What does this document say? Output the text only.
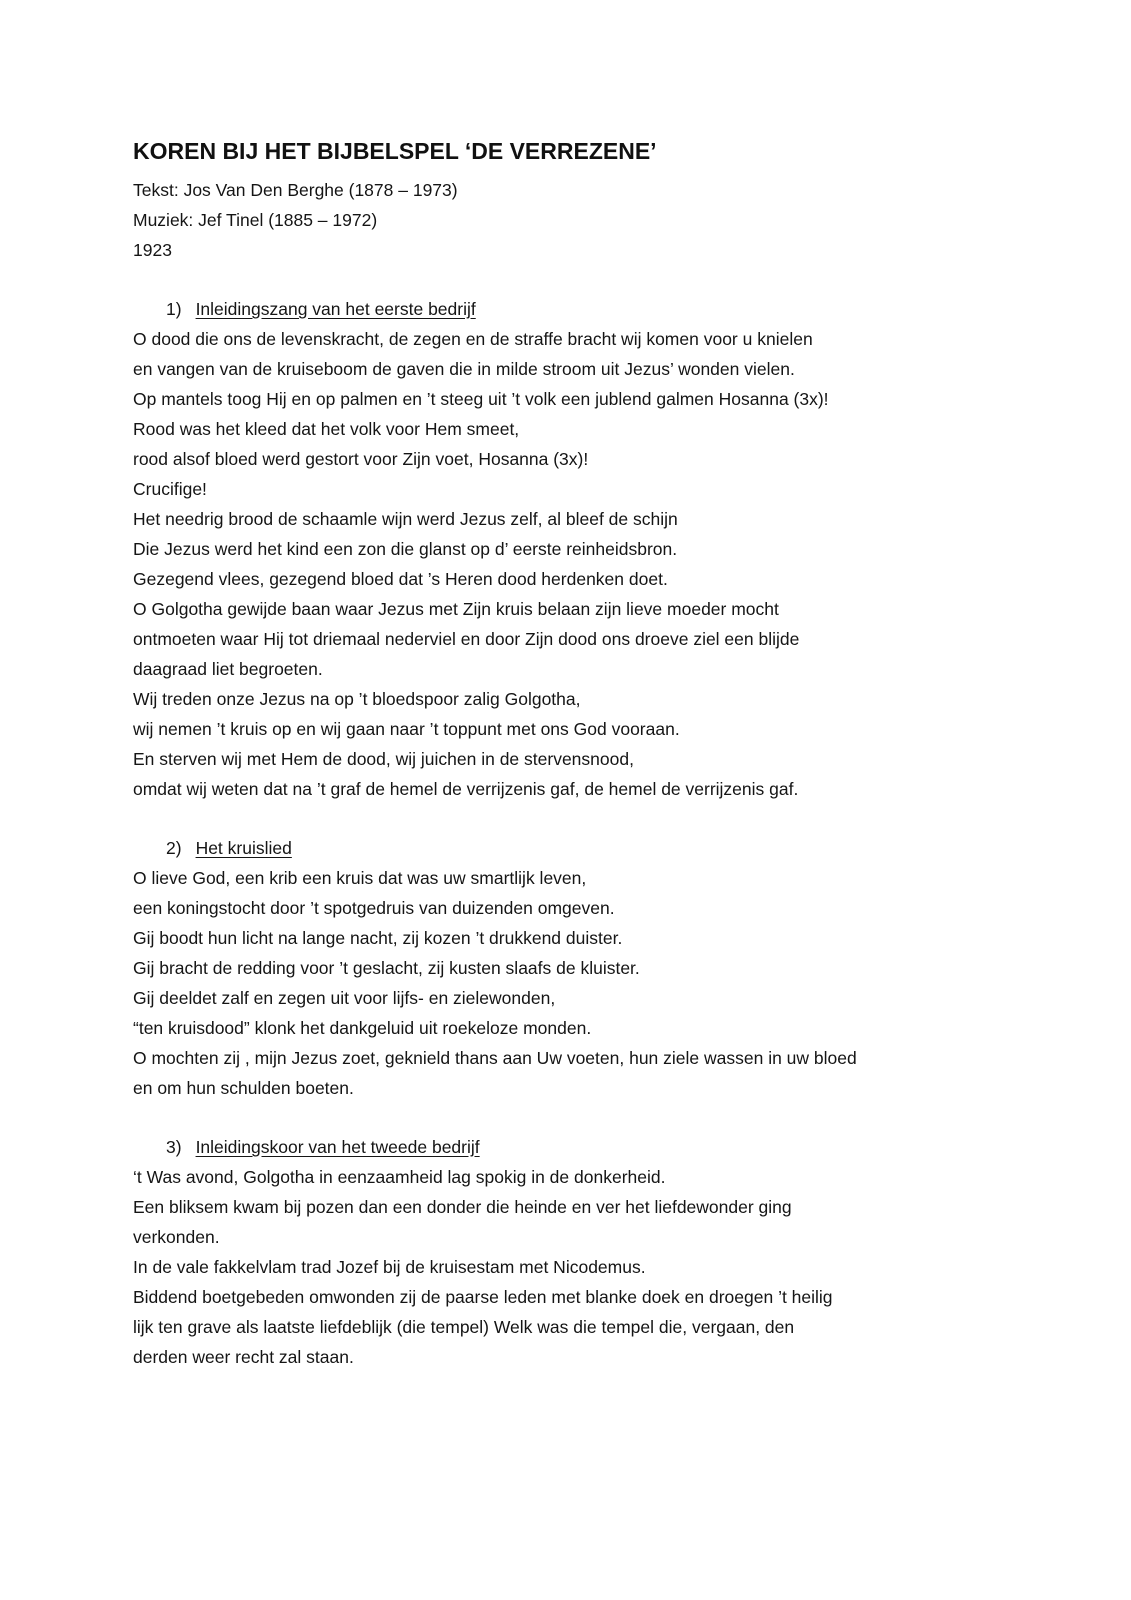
KOREN BIJ HET BIJBELSPEL ‘DE VERREZENE’

Tekst: Jos Van Den Berghe (1878 – 1973)

Muziek: Jef Tinel (1885 – 1972)

1923

1) Inleidingszang van het eerste bedrijf

O dood die ons de levenskracht, de zegen en de straffe bracht wij komen voor u knielen

en vangen van de kruiseboom de gaven die in milde stroom uit Jezus’ wonden vielen.

Op mantels toog Hij en op palmen en ’t steeg uit ’t volk een jublend galmen Hosanna (3x)!

Rood was het kleed dat het volk voor Hem smeet,

rood alsof bloed werd gestort voor Zijn voet, Hosanna (3x)!

Crucifige!

Het needrig brood de schaamle wijn werd Jezus zelf, al bleef de schijn

Die Jezus werd het kind een zon die glanst op d’ eerste reinheidsbron.

Gezegend vlees, gezegend bloed dat ’s Heren dood herdenken doet.

O Golgotha gewijde baan waar Jezus met Zijn kruis belaan zijn lieve moeder mocht

ontmoeten waar Hij tot driemaal nederviel en door Zijn dood ons droeve ziel een blijde

daagraad liet begroeten.

Wij treden onze Jezus na op ’t bloedspoor zalig Golgotha,

wij nemen ’t kruis op en wij gaan naar ’t toppunt met ons God vooraan.

En sterven wij met Hem de dood, wij juichen in de stervensnood,

omdat wij weten dat na ’t graf de hemel de verrijzenis gaf, de hemel de verrijzenis gaf.

2) Het kruislied

O lieve God, een krib een kruis dat was uw smartlijk leven,

een koningstocht door ’t spotgedruis van duizenden omgeven.

Gij boodt hun licht na lange nacht, zij kozen ’t drukkend duister.

Gij bracht de redding voor ’t geslacht, zij kusten slaafs de kluister.

Gij deeldet zalf en zegen uit voor lijfs- en zielewonden,

“ten kruisdood” klonk het dankgeluid uit roekeloze monden.

O mochten zij , mijn Jezus zoet, geknield thans aan Uw voeten, hun ziele wassen in uw bloed

en om hun schulden boeten.

3) Inleidingskoor van het tweede bedrijf

‘t Was avond, Golgotha in eenzaamheid lag spokig in de donkerheid.

Een bliksem kwam bij pozen dan een donder die heinde en ver het liefdewonder ging

verkonden.

In de vale fakkelvlam trad Jozef bij de kruisestam met Nicodemus.

Biddend boetgebeden omwonden zij de paarse leden met blanke doek en droegen ’t heilig

lijk ten grave als laatste liefdeblijk (die tempel) Welk was die tempel die, vergaan, den

derden weer recht zal staan.
